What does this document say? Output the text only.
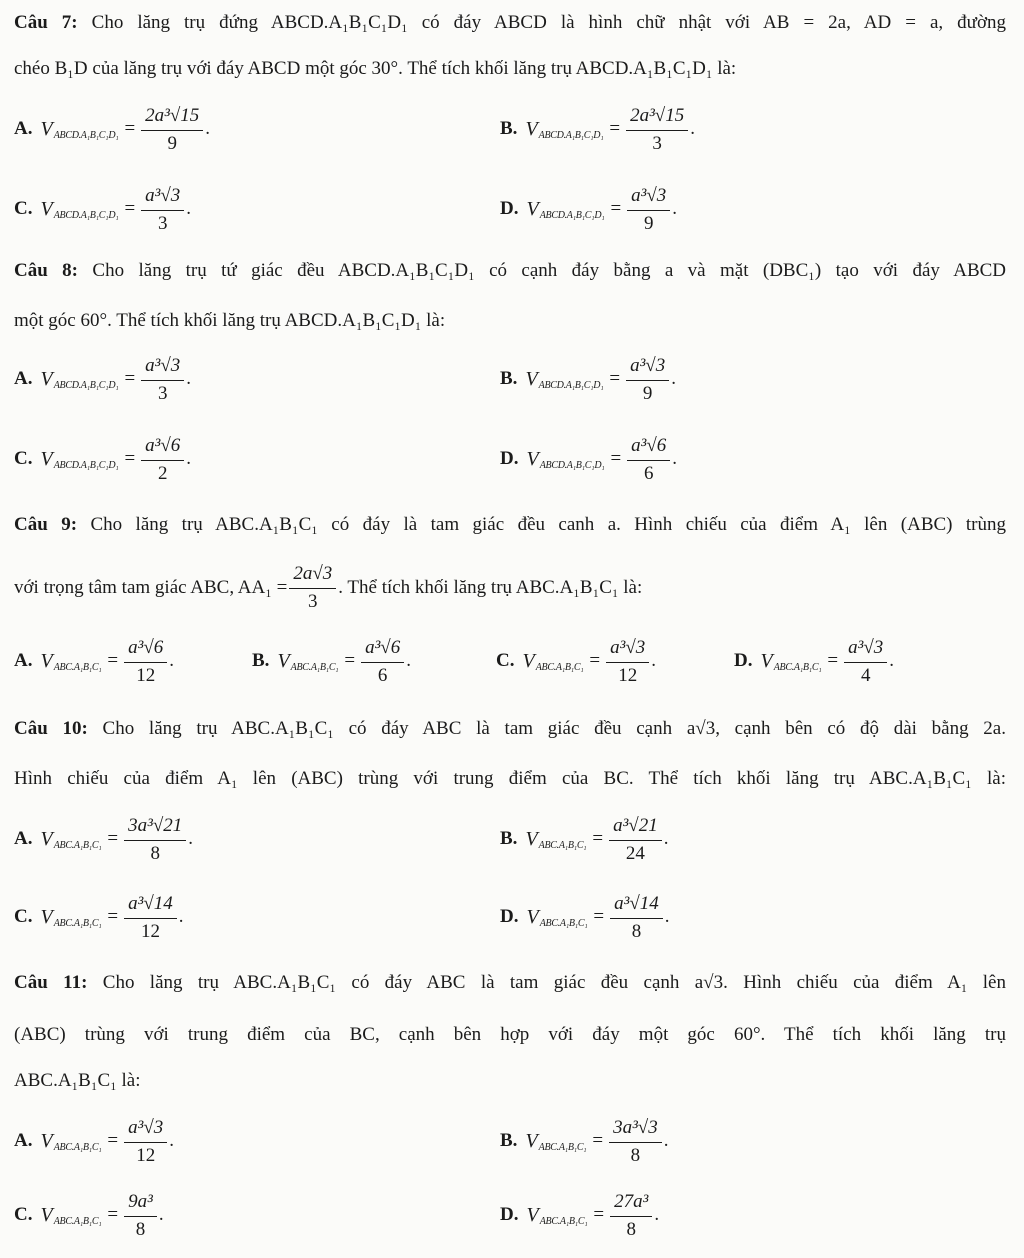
Câu 7: Cho lăng trụ đứng ABCD.A₁B₁C₁D₁ có đáy ABCD là hình chữ nhật với AB = 2a, AD = a, đường
chéo B₁D của lăng trụ với đáy ABCD một góc 30°. Thể tích khối lăng trụ ABCD.A₁B₁C₁D₁ là:
A. V ABCD.A₁B₁C₁D₁ = $\frac{\text{2a³√15}}{9}$ .	B. V ABCD.A₁B₁C₁D₁ = $\frac{\text{2a³√15}}{3}$ .
C. V ABCD.A₁B₁C₁D₁ = $\frac{\text{a³√3}}{3}$ .	D. V ABCD.A₁B₁C₁D₁ = $\frac{\text{a³√3}}{9}$ .
Câu 8: Cho lăng trụ tứ giác đều ABCD.A₁B₁C₁D₁ có cạnh đáy bằng a và mặt (DBC₁) tạo với đáy ABCD
một góc 60°. Thể tích khối lăng trụ ABCD.A₁B₁C₁D₁ là:
A. V ABCD.A₁B₁C₁D₁ = $\frac{\text{a³√3}}{3}$ .	B. V ABCD.A₁B₁C₁D₁ = $\frac{\text{a³√3}}{9}$ .
C. V ABCD.A₁B₁C₁D₁ = $\frac{\text{a³√6}}{2}$ .	D. V ABCD.A₁B₁C₁D₁ = $\frac{\text{a³√6}}{6}$ .
Câu 9: Cho lăng trụ ABC.A₁B₁C₁ có đáy là tam giác đều canh a. Hình chiếu của điểm A₁ lên (ABC) trùng
với trọng tâm tam giác ABC, $AA_1 = \frac{2a√3}{3}$ . Thể tích khối lăng trụ ABC.A₁B₁C₁ là:
A. V $ABC.A_1B_1C_1 = \frac{\text{a³√6}}{12}$ .	B. V $ABC.A_1B_1C_1 = \frac{\text{a³√6}}{6}$ .	C. V $ABC.A_1B_1C_1 = \frac{\text{a³√3}}{12}$ .	D. V $ABC.A_1B_1C_1 = \frac{\text{a³√3}}{4}$ .
Câu 10: Cho lăng trụ ABC.A₁B₁C₁ có đáy ABC là tam giác đều cạnh a√3, cạnh bên có độ dài bằng 2a.
Hình chiếu của điểm A₁ lên (ABC) trùng với trung điểm của BC. Thể tích khối lăng trụ ABC.A₁B₁C₁ là:
A. V $ABC.A_1B_1C_1 = \frac{\text{3a³√21}}{8}$ .	B. V $ABC.A_1B_1C_1 = \frac{\text{a³√21}}{24}$ .
C. V $ABC.A_1B_1C_1 = \frac{\text{a³√14}}{12}$ .	D. V $ABC.A_1B_1C_1 = \frac{\text{a³√14}}{8}$ .
Câu 11: Cho lăng trụ ABC.A₁B₁C₁ có đáy ABC là tam giác đều cạnh a√3. Hình chiếu của điểm A₁ lên
(ABC) trùng với trung điểm của BC, cạnh bên hợp với đáy một góc 60°. Thể tích khối lăng trụ
ABC.A₁B₁C₁ là:
A. V $ABC.A_1B_1C_1 = \frac{\text{a³√3}}{12}$ .	B. V $ABC.A_1B_1C_1 = \frac{\text{3a³√3}}{8}$ .
C. V $ABC.A_1B_1C_1 = \frac{\text{9a³}}{8}$ .	D. V $ABC.A_1B_1C_1 = \frac{\text{27a³}}{8}$ .
